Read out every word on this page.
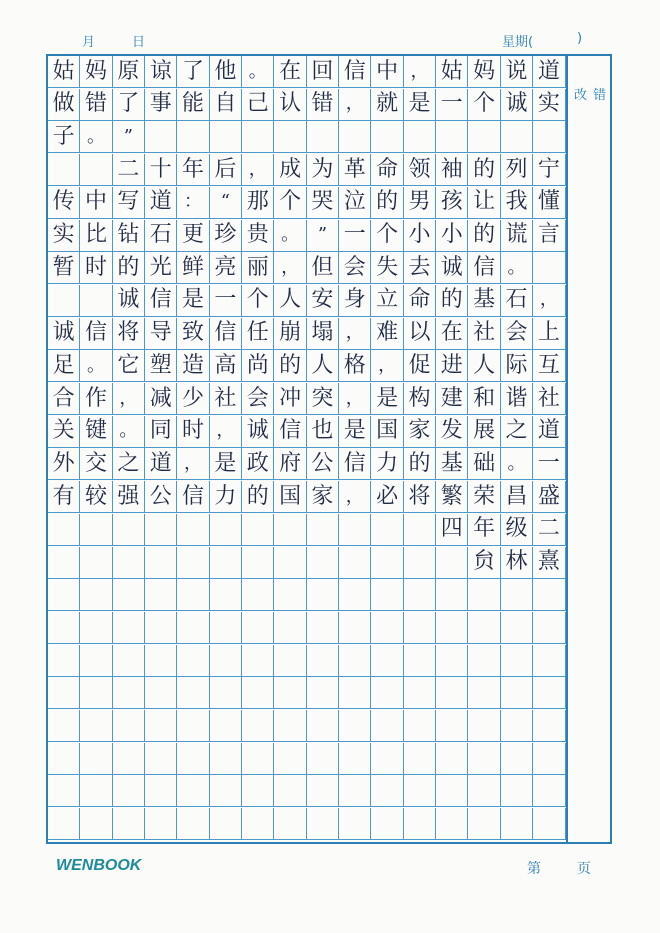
月	日	星期(	)
姑 妈 原 谅 了 他 。 在 回 信 中 ， 姑 妈 说 道
做 错 了 事 能 自 己 认 错 ， 就 是 一 个 诚 实
子 。	”
二 十 年 后 ， 成 为 革 命 领 袖 的 列 宁
传 中 写 道 ：	“ 那 个 哭 泣 的 男 孩 让 我 懂
实 比 钻 石 更 珍 贵 。	” 一 个 小 小 的 谎 言
暂 时 的 光 鲜 亮 丽 ， 但 会 失 去 诚 信 。
诚 信 是 一 个 人 安 身 立 命 的 基 石 ，
诚 信 将 导 致 信 任 崩 塌 ， 难 以 在 社 会 上
足 。 它 塑 造 高 尚 的 人 格 ， 促 进 人 际 互
合 作 ， 减 少 社 会 冲 突 ， 是 构 建 和 谐 社
关 键 。 同 时 ， 诚 信 也 是 国 家 发 展 之 道
外 交 之 道 ， 是 政 府 公 信 力 的 基 础 。 一
有 较 强 公 信 力 的 国 家 ， 必 将 繁 荣 昌 盛
四 年 级 二
贠 林 熹
改 错
WENBOOK	第	页
